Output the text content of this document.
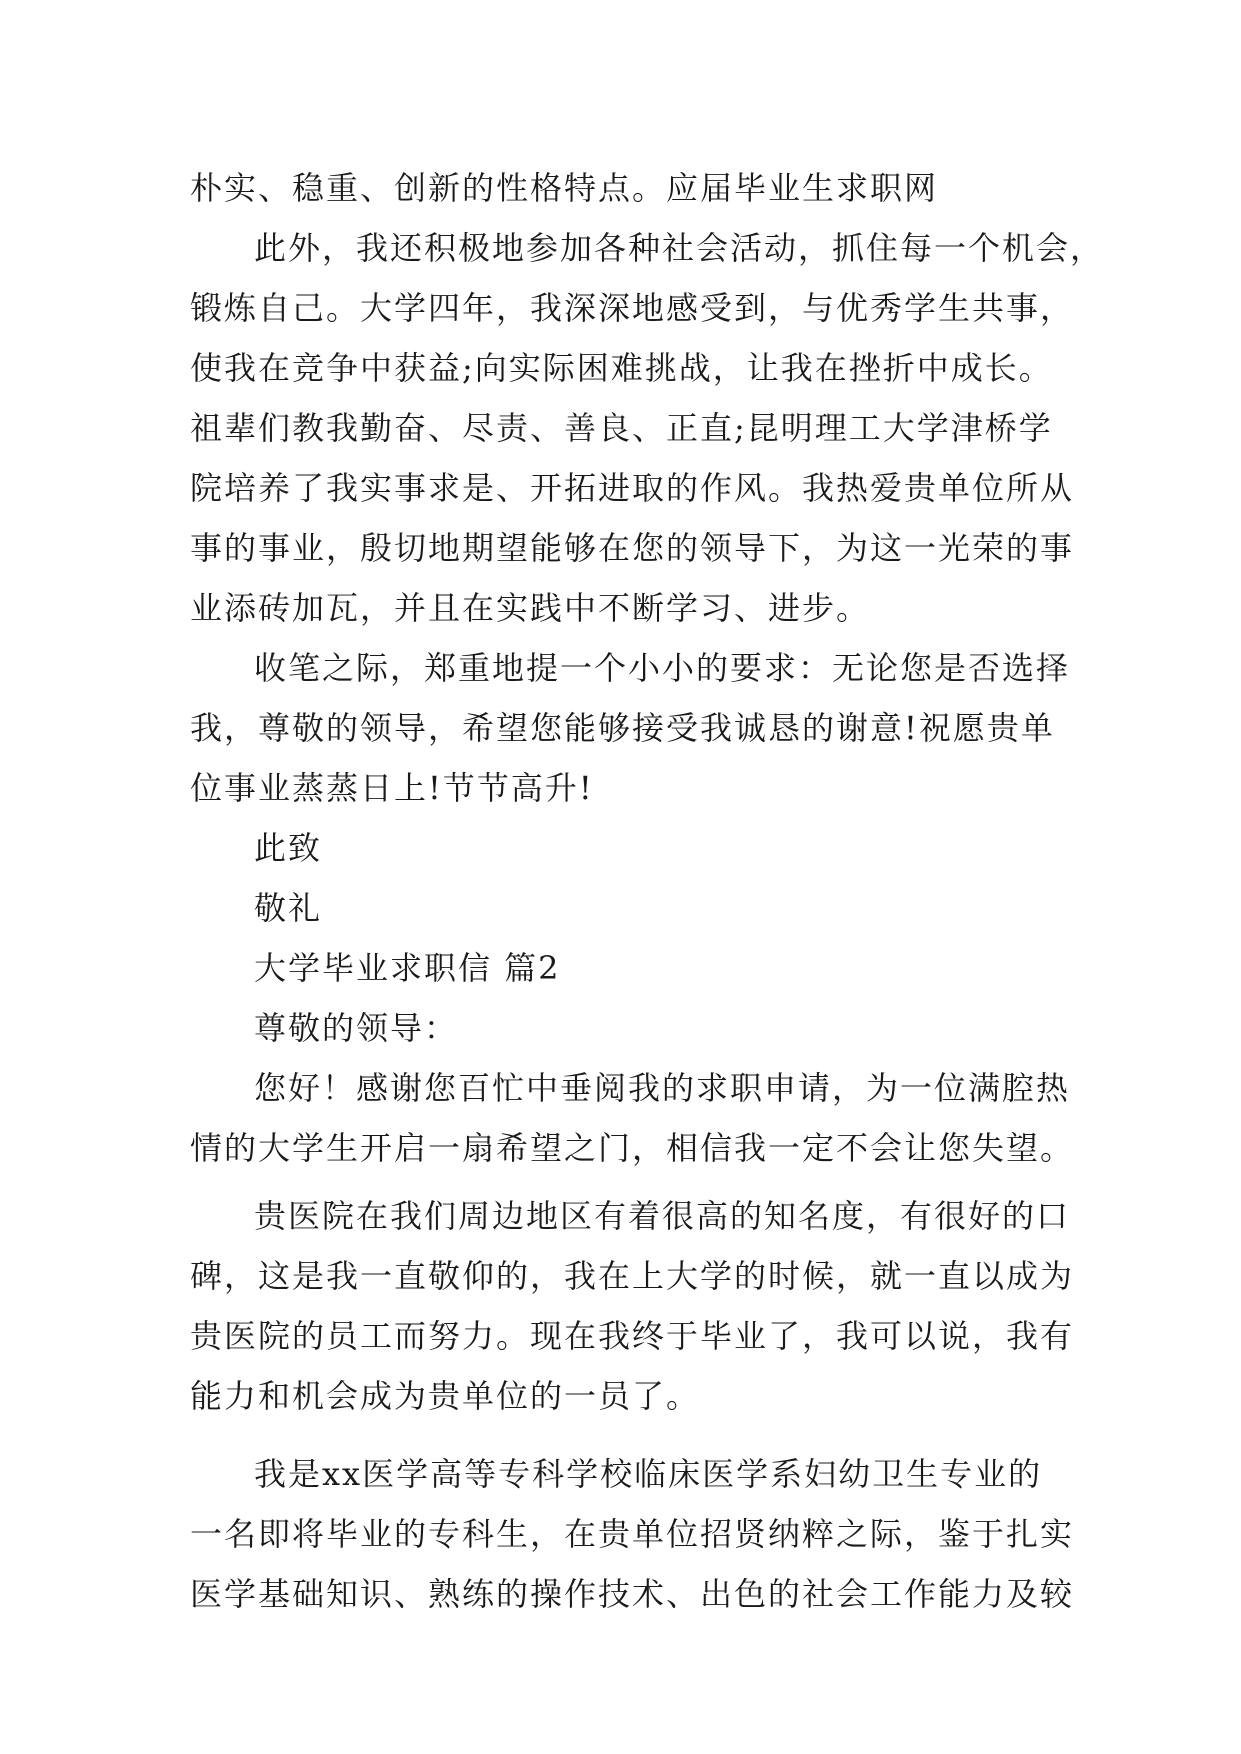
朴实、稳重、创新的性格特点。应届毕业生求职网
此外，我还积极地参加各种社会活动，抓住每一个机会，
锻炼自己。大学四年，我深深地感受到，与优秀学生共事，
使我在竞争中获益;向实际困难挑战，让我在挫折中成长。
祖辈们教我勤奋、尽责、善良、正直;昆明理工大学津桥学
院培养了我实事求是、开拓进取的作风。我热爱贵单位所从
事的事业，殷切地期望能够在您的领导下，为这一光荣的事
业添砖加瓦，并且在实践中不断学习、进步。
收笔之际，郑重地提一个小小的要求：无论您是否选择
我，尊敬的领导，希望您能够接受我诚恳的谢意!祝愿贵单
位事业蒸蒸日上!节节高升!
此致
敬礼
大学毕业求职信 篇2
尊敬的领导：
您好！感谢您百忙中垂阅我的求职申请，为一位满腔热
情的大学生开启一扇希望之门，相信我一定不会让您失望。
贵医院在我们周边地区有着很高的知名度，有很好的口
碑，这是我一直敬仰的，我在上大学的时候，就一直以成为
贵医院的员工而努力。现在我终于毕业了，我可以说，我有
能力和机会成为贵单位的一员了。
我是xx医学高等专科学校临床医学系妇幼卫生专业的
一名即将毕业的专科生，在贵单位招贤纳粹之际，鉴于扎实
医学基础知识、熟练的操作技术、出色的社会工作能力及较
